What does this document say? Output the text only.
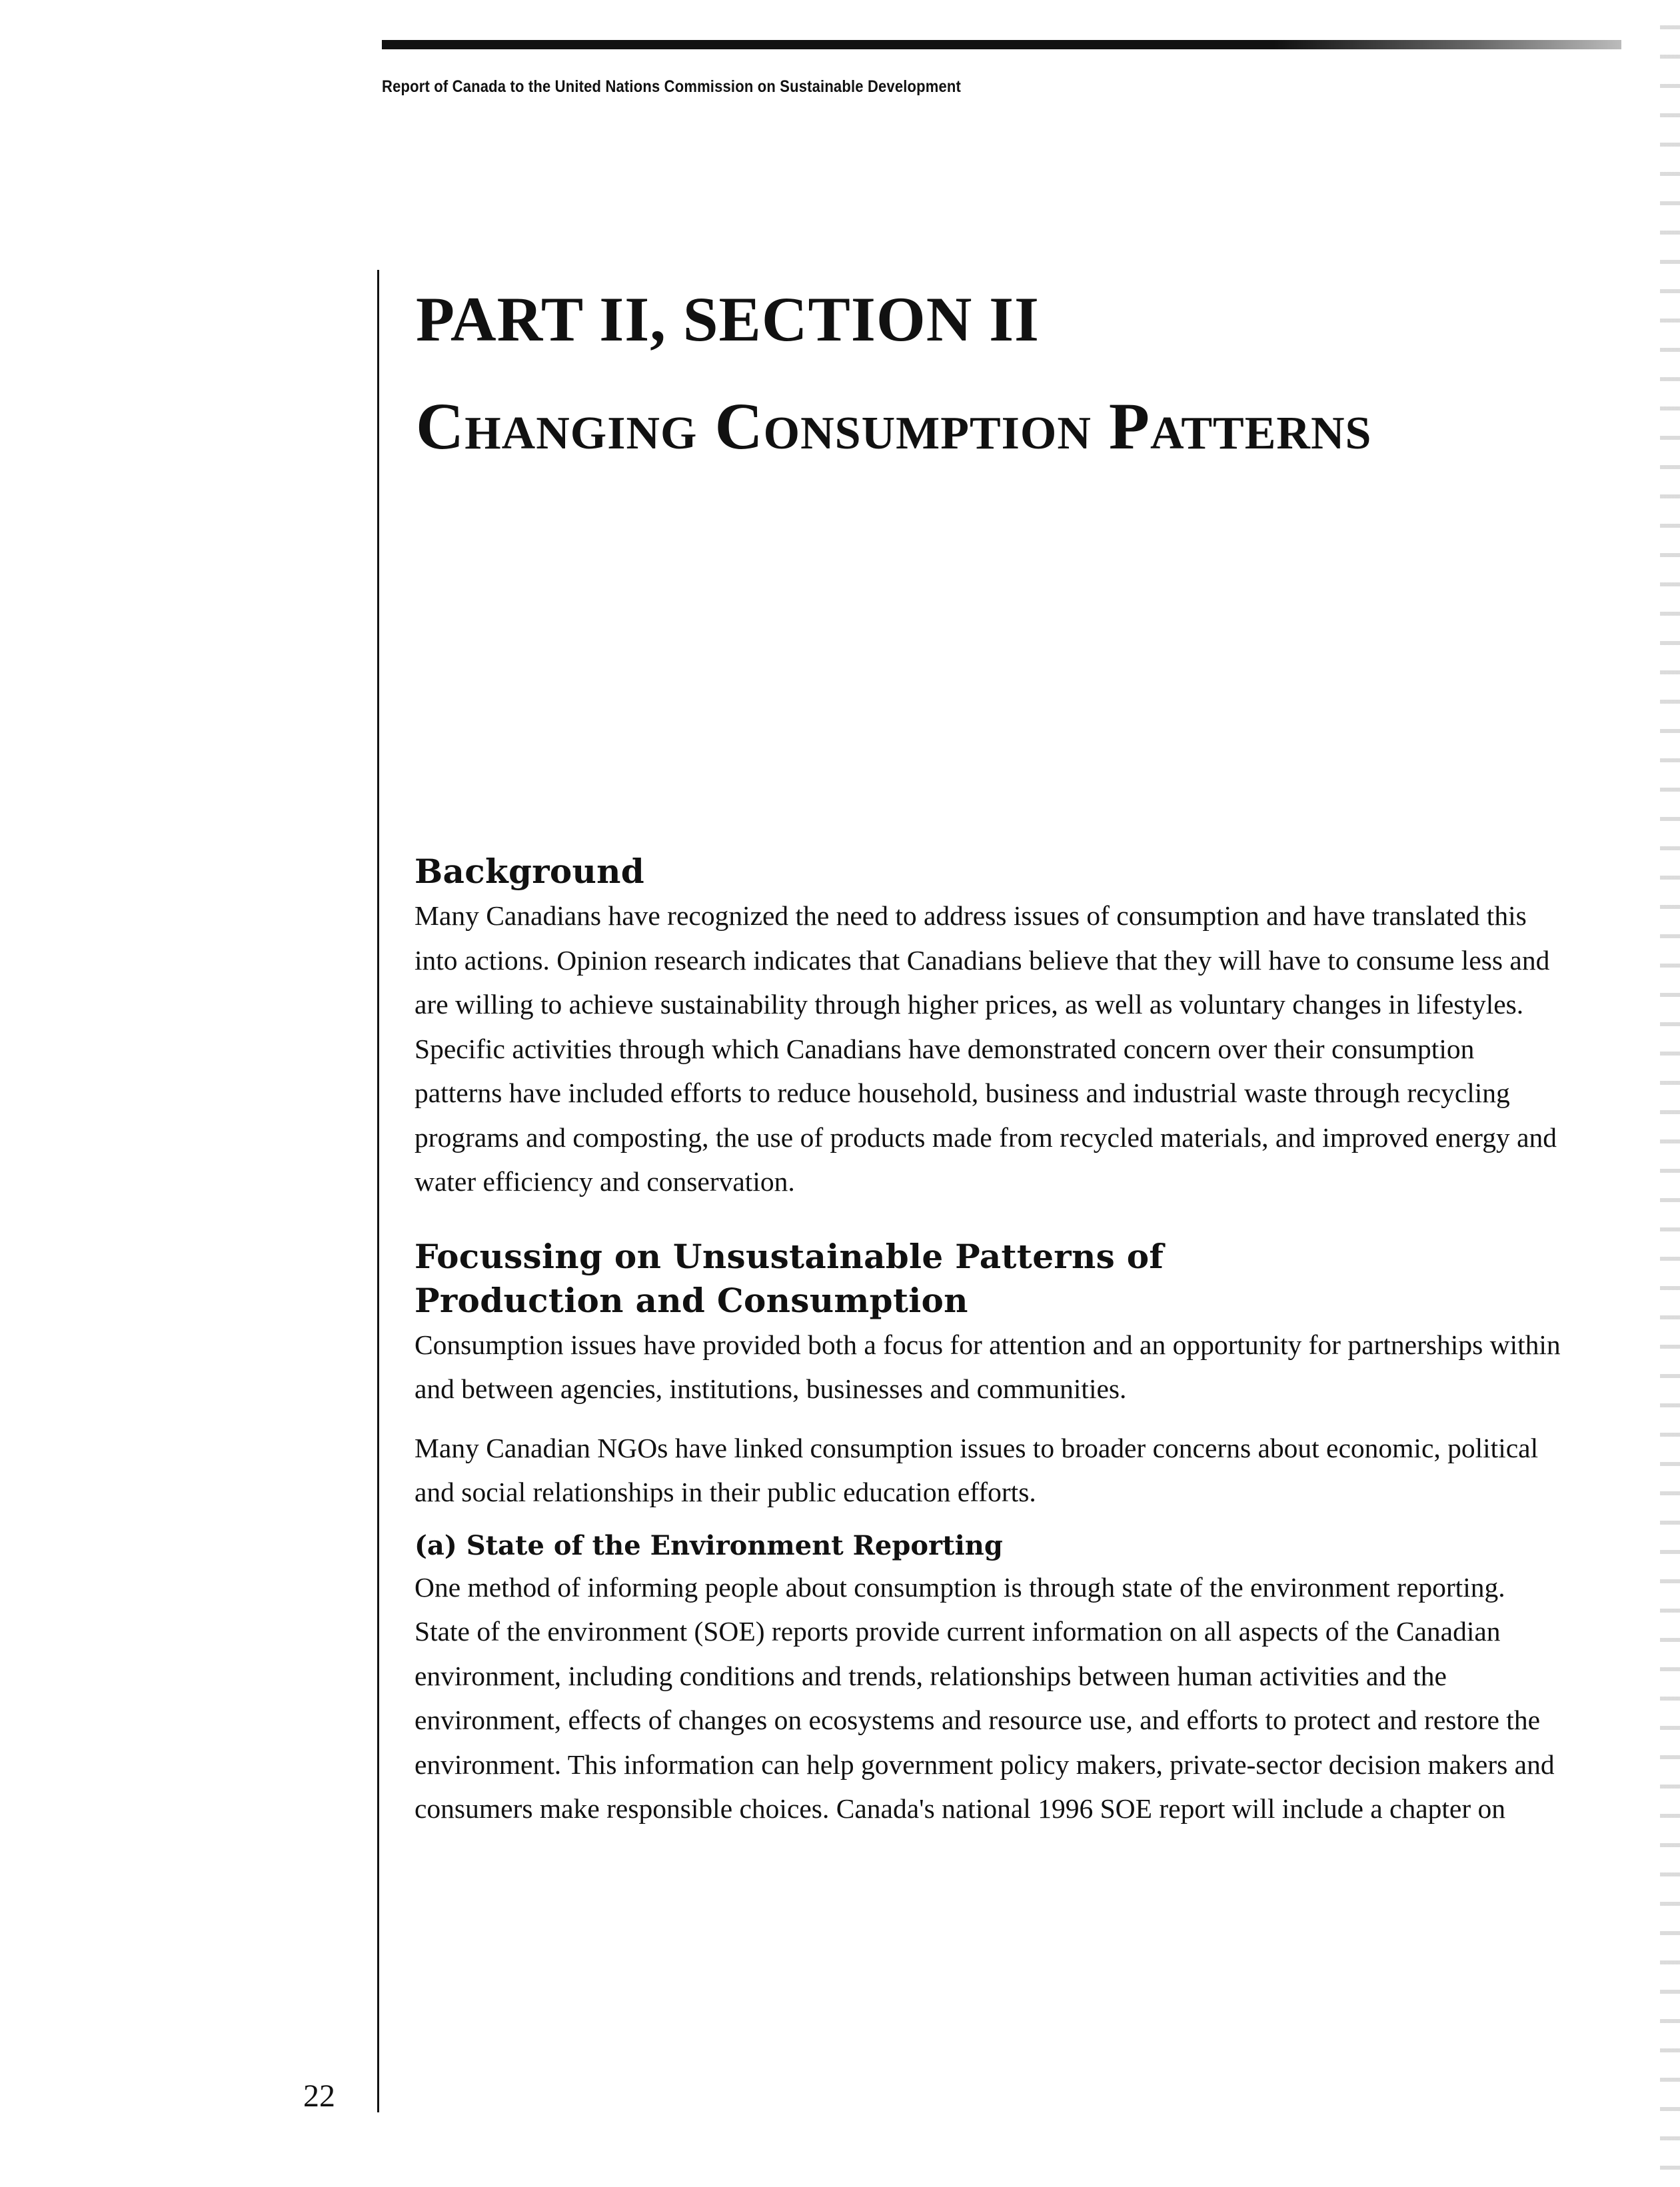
Report of Canada to the United Nations Commission on Sustainable Development
PART II, SECTION II
Changing Consumption Patterns
Background

Many Canadians have recognized the need to address issues of consumption and have translated this into actions. Opinion research indicates that Canadians believe that they will have to consume less and are willing to achieve sustainability through higher prices, as well as voluntary changes in lifestyles. Specific activities through which Canadians have demonstrated concern over their consumption patterns have included efforts to reduce household, business and industrial waste through recycling programs and composting, the use of products made from recycled materials, and improved energy and water efficiency and conservation.

Focussing on Unsustainable Patterns of Production and Consumption

Consumption issues have provided both a focus for attention and an opportunity for partnerships within and between agencies, institutions, businesses and communities.

Many Canadian NGOs have linked consumption issues to broader concerns about economic, political and social relationships in their public education efforts.

(a) State of the Environment Reporting

One method of informing people about consumption is through state of the environment reporting. State of the environment (SOE) reports provide current information on all aspects of the Canadian environment, including conditions and trends, relationships between human activities and the environment, effects of changes on ecosystems and resource use, and efforts to protect and restore the environment. This information can help government policy makers, private-sector decision makers and consumers make responsible choices. Canada's national 1996 SOE report will include a chapter on

22
